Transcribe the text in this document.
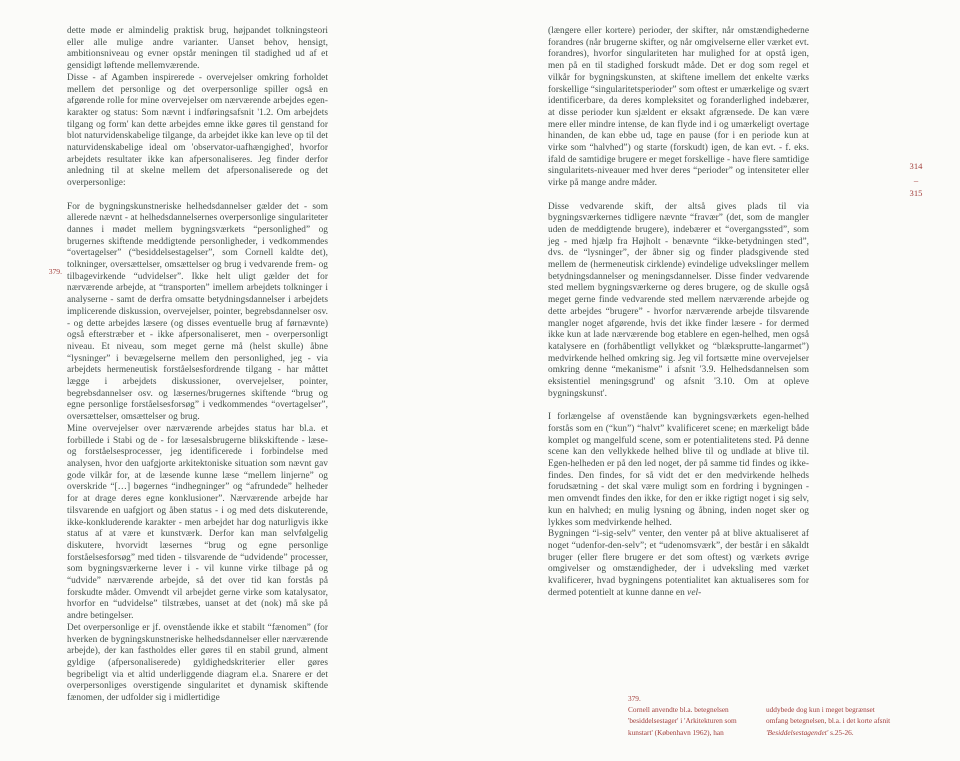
379.

dette møde er almindelig praktisk brug, højpandet tolkningsteori eller alle mulige andre varianter. Uanset behov, hensigt, ambitionsniveau og evner opstår meningen til stadighed ud af et gensidigt løftende mellemværende.

Disse - af Agamben inspirerede - overvejelser omkring forholdet mellem det personlige og det overpersonlige spiller også en afgørende rolle for mine overvejelser om nærværende arbejdes egen-karakter og status: Som nævnt i indføringsafsnit '1.2. Om arbejdets tilgang og form' kan dette arbejdes emne ikke gøres til genstand for blot naturvidenskabelige tilgange, da arbejdet ikke kan leve op til det naturvidenskabelige ideal om 'observator-uafhængighed', hvorfor arbejdets resultater ikke kan afpersonaliseres. Jeg finder derfor anledning til at skelne mellem det afpersonaliserede og det overpersonlige:

For de bygningskunstneriske helhedsdannelser gælder det - som allerede nævnt - at helhedsdannelsernes overpersonlige singulariteter dannes i mødet mellem bygningsværkets “personlighed” og brugernes skiftende meddigtende personligheder, i vedkommendes “overtagelser” (“besiddelsestagelser”, som Cornell kaldte det), tolkninger, oversættelser, omsættelser og brug i vedvarende frem- og tilbagevirkende “udvidelser”. Ikke helt uligt gælder det for nærværende arbejde, at “transporten” imellem arbejdets tolkninger i analyserne - samt de derfra omsatte betydningsdannelser i arbejdets implicerende diskussion, overvejelser, pointer, begrebsdannelser osv. - og dette arbejdes læsere (og disses eventuelle brug af førnævnte) også efterstræber et - ikke afpersonaliseret, men - overpersonligt niveau. Et niveau, som meget gerne må (helst skulle) åbne “lysninger” i bevægelserne mellem den personlighed, jeg - via arbejdets hermeneutisk forståelsesfordrende tilgang - har måttet lægge i arbejdets diskussioner, overvejelser, pointer, begrebsdannelser osv. og læsernes/brugernes skiftende “brug og egne personlige forståelsesforsøg” i vedkommendes “overtagelser”, oversættelser, omsættelser og brug.

Mine overvejelser over nærværende arbejdes status har bl.a. et forbillede i Stabi og de - for læsesalsbrugerne blikskiftende - læse- og forståelsesprocesser, jeg identificerede i forbindelse med analysen, hvor den uafgjorte arkitektoniske situation som nævnt gav gode vilkår for, at de læsende kunne læse “mellem linjerne” og overskride “[…] bøgernes “indhegninger” og “afrundede” helheder for at drage deres egne konklusioner”. Nærværende arbejde har tilsvarende en uafgjort og åben status - i og med dets diskuterende, ikke-konkluderende karakter - men arbejdet har dog naturligvis ikke status af at være et kunstværk. Derfor kan man selvfølgelig diskutere, hvorvidt læsernes “brug og egne personlige forståelsesforsøg” med tiden - tilsvarende de “udvidende” processer, som bygningsværkerne lever i - vil kunne virke tilbage på og “udvide” nærværende arbejde, så det over tid kan forstås på forskudte måder. Omvendt vil arbejdet gerne virke som katalysator, hvorfor en “udvidelse” tilstræbes, uanset at det (nok) må ske på andre betingelser.

Det overpersonlige er jf. ovenstående ikke et stabilt “fænomen” (for hverken de bygningskunstneriske helhedsdannelser eller nærværende arbejde), der kan fastholdes eller gøres til en stabil grund, alment gyldige (afpersonaliserede) gyldighedskriterier eller gøres begribeligt via et altid underliggende diagram el.a. Snarere er det overpersonliges overstigende singularitet et dynamisk skiftende fænomen, der udfolder sig i midlertidige

(længere eller kortere) perioder, der skifter, når omstændighederne forandres (når brugerne skifter, og når omgivelserne eller værket evt. forandres), hvorfor singulariteten har mulighed for at opstå igen, men på en til stadighed forskudt måde. Det er dog som regel et vilkår for bygningskunsten, at skiftene imellem det enkelte værks forskellige “singularitetsperioder” som oftest er umærkelige og svært identificerbare, da deres kompleksitet og foranderlighed indebærer, at disse perioder kun sjældent er eksakt afgrænsede. De kan være mere eller mindre intense, de kan flyde ind i og umærkeligt overtage hinanden, de kan ebbe ud, tage en pause (for i en periode kun at virke som “halvhed”) og starte (forskudt) igen, de kan evt. - f. eks. ifald de samtidige brugere er meget forskellige - have flere samtidige singularitets-niveauer med hver deres “perioder” og intensiteter eller virke på mange andre måder.

Disse vedvarende skift, der altså gives plads til via bygningsværkernes tidligere nævnte “fravær” (det, som de mangler uden de meddigtende brugere), indebærer et “overgangssted”, som jeg - med hjælp fra Højholt - benævnte “ikke-betydningen sted”, dvs. de “lysninger”, der åbner sig og finder pladsgivende sted mellem de (hermeneutisk cirklende) evindelige udvekslinger mellem betydningsdannelser og meningsdannelser. Disse finder vedvarende sted mellem bygningsværkerne og deres brugere, og de skulle også meget gerne finde vedvarende sted mellem nærværende arbejde og dette arbejdes “brugere” - hvorfor nærværende arbejde tilsvarende mangler noget afgørende, hvis det ikke finder læsere - for dermed ikke kun at lade nærværende bog etablere en egen-helhed, men også katalysere en (forhåbentligt vellykket og “blæksprutte-langarmet”) medvirkende helhed omkring sig. Jeg vil fortsætte mine overvejelser omkring denne “mekanisme” i afsnit '3.9. Helhedsdannelsen som eksistentiel meningsgrund' og afsnit '3.10. Om at opleve bygningskunst'.

I forlængelse af ovenstående kan bygningsværkets egen-helhed forstås som en (“kun”) “halvt” kvalificeret scene; en mærkeligt både komplet og mangelfuld scene, som er potentialitetens sted. På denne scene kan den vellykkede helhed blive til og undlade at blive til. Egen-helheden er på den led noget, der på samme tid findes og ikke-findes. Den findes, for så vidt det er den medvirkende helheds forudsætning - det skal være muligt som en fordring i bygningen - men omvendt findes den ikke, for den er ikke rigtigt noget i sig selv, kun en halvhed; en mulig lysning og åbning, inden noget sker og lykkes som medvirkende helhed.

Bygningen “i-sig-selv” venter, den venter på at blive aktualiseret af noget “udenfor-den-selv”; et “udenomsværk”, der består i en såkaldt bruger (eller flere brugere er det som oftest) og værkets øvrige omgivelser og omstændigheder, der i udveksling med værket kvalificerer, hvad bygningens potentialitet kan aktualiseres som for dermed potentielt at kunne danne en vel-

314
–
315
379.
Cornell anvendte bl.a. betegnelsen 'besiddelsestager' i 'Arkitekturen som kunstart' (København 1962), han
uddybede dog kun i meget begrænset omfang betegnelsen, bl.a. i det korte afsnit 'Besiddelsestagendet' s.25-26.
